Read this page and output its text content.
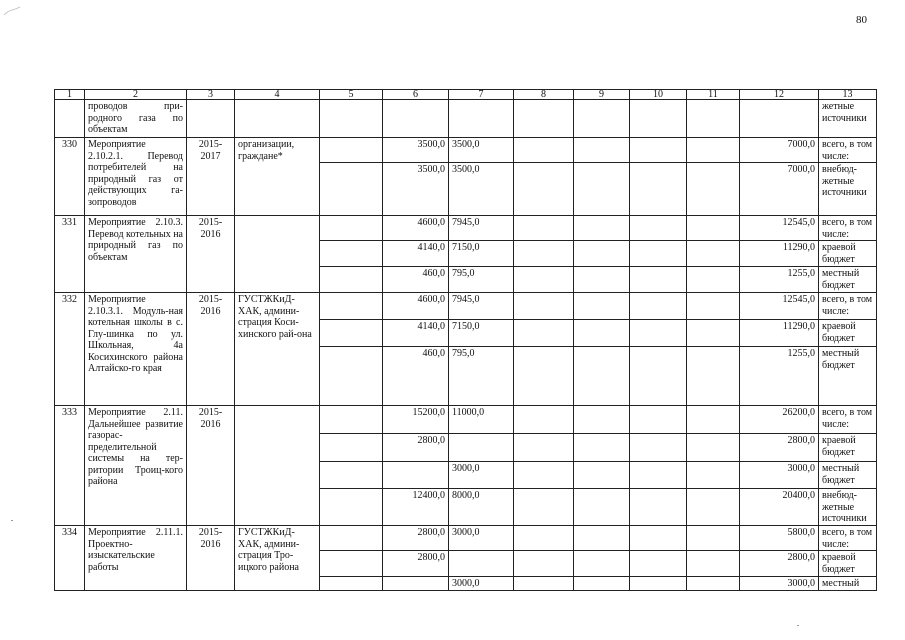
80
1	2	3	4	5	6	7	8	9	10	11	12	13
	проводов при-родного газа по объектам											жетные источники
330	Мероприятие 2.10.2.1. Перевод потребителей на природный газ от действующих га-зопроводов	2015-2017	организации, граждане*		3500,0	3500,0					7000,0	всего, в том числе:
					3500,0	3500,0					7000,0	внебюд-жетные источники
331	Мероприятие 2.10.3. Перевод котельных на природный газ по объектам	2015-2016			4600,0	7945,0					12545,0	всего, в том числе:
					4140,0	7150,0					11290,0	краевой бюджет
					460,0	795,0					1255,0	местный бюджет
332	Мероприятие 2.10.3.1. Модуль-ная котельная школы в с. Глу-шинка по ул. Школьная, 4а Косихинского района Алтайско-го края	2015-2016	ГУСТЖКиД-ХАК, админи-страция Коси-хинского рай-она		4600,0	7945,0					12545,0	всего, в том числе:
					4140,0	7150,0					11290,0	краевой бюджет
					460,0	795,0					1255,0	местный бюджет
333	Мероприятие 2.11. Дальнейшее развитие газорас-пределительной системы на тер-ритории Троиц-кого района	2015-2016			15200,0	11000,0					26200,0	всего, в том числе:
					2800,0						2800,0	краевой бюджет
						3000,0					3000,0	местный бюджет
					12400,0	8000,0					20400,0	внебюд-жетные источники
334	Мероприятие 2.11.1. Проектно-изыскательские работы	2015-2016	ГУСТЖКиД-ХАК, админи-страция Тро-ицкого района		2800,0	3000,0					5800,0	всего, в том числе:
					2800,0						2800,0	краевой бюджет
						3000,0					3000,0	местный
